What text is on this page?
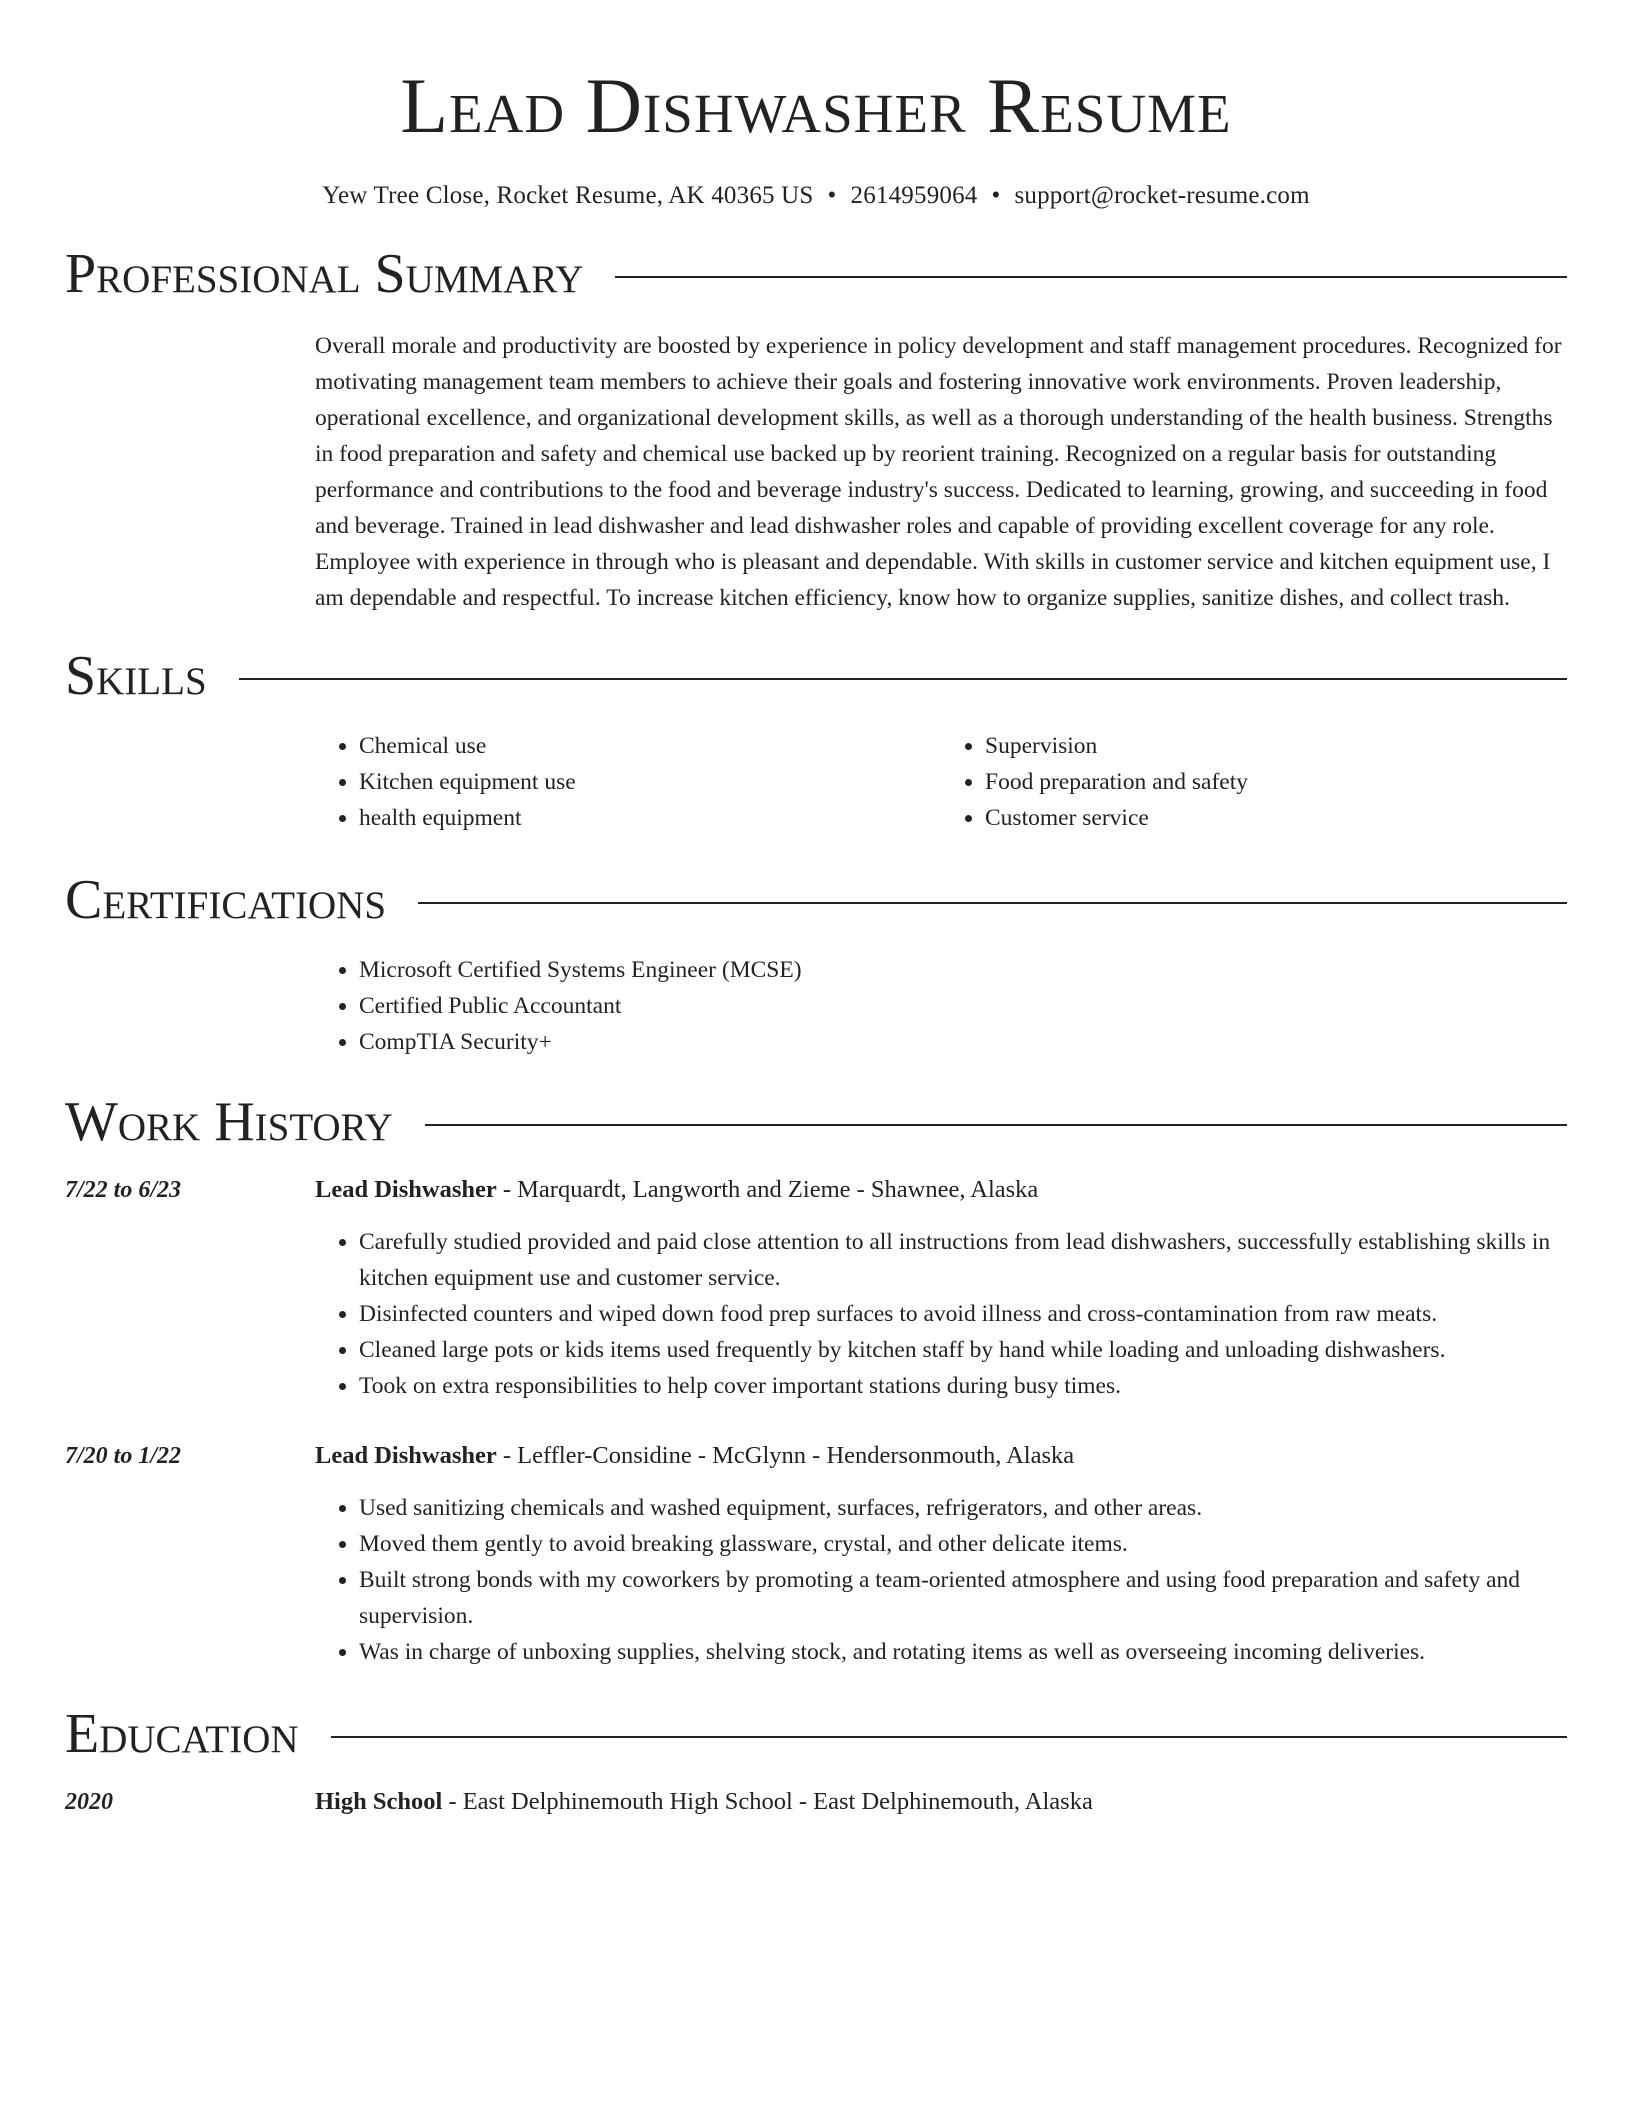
Lead Dishwasher Resume
Yew Tree Close, Rocket Resume, AK 40365 US • 2614959064 • support@rocket-resume.com
Professional Summary

Overall morale and productivity are boosted by experience in policy development and staff management procedures. Recognized for motivating management team members to achieve their goals and fostering innovative work environments. Proven leadership, operational excellence, and organizational development skills, as well as a thorough understanding of the health business. Strengths in food preparation and safety and chemical use backed up by reorient training. Recognized on a regular basis for outstanding performance and contributions to the food and beverage industry's success. Dedicated to learning, growing, and succeeding in food and beverage. Trained in lead dishwasher and lead dishwasher roles and capable of providing excellent coverage for any role. Employee with experience in through who is pleasant and dependable. With skills in customer service and kitchen equipment use, I am dependable and respectful. To increase kitchen efficiency, know how to organize supplies, sanitize dishes, and collect trash.

Skills
• Chemical use
• Kitchen equipment use
• health equipment
• Supervision
• Food preparation and safety
• Customer service
Certifications
• Microsoft Certified Systems Engineer (MCSE)
• Certified Public Accountant
• CompTIA Security+
Work History
7/22 to 6/23	Lead Dishwasher - Marquardt, Langworth and Zieme - Shawnee, Alaska
• Carefully studied provided and paid close attention to all instructions from lead dishwashers, successfully establishing skills in kitchen equipment use and customer service.
• Disinfected counters and wiped down food prep surfaces to avoid illness and cross-contamination from raw meats.
• Cleaned large pots or kids items used frequently by kitchen staff by hand while loading and unloading dishwashers.
• Took on extra responsibilities to help cover important stations during busy times.
7/20 to 1/22	Lead Dishwasher - Leffler-Considine - McGlynn - Hendersonmouth, Alaska
• Used sanitizing chemicals and washed equipment, surfaces, refrigerators, and other areas.
• Moved them gently to avoid breaking glassware, crystal, and other delicate items.
• Built strong bonds with my coworkers by promoting a team-oriented atmosphere and using food preparation and safety and supervision.
• Was in charge of unboxing supplies, shelving stock, and rotating items as well as overseeing incoming deliveries.
Education
2020	High School - East Delphinemouth High School - East Delphinemouth, Alaska
